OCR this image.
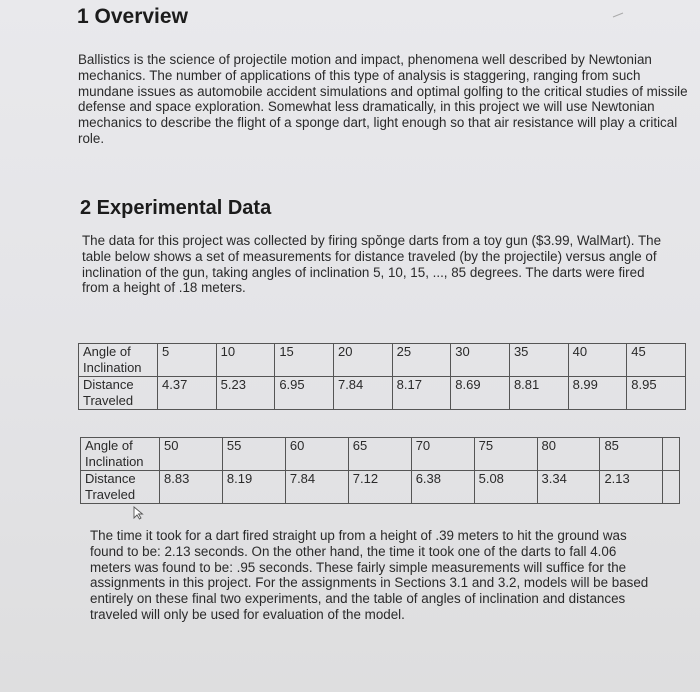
1 Overview

Ballistics is the science of projectile motion and impact, phenomena well described by Newtonian mechanics. The number of applications of this type of analysis is staggering, ranging from such mundane issues as automobile accident simulations and optimal golfing to the critical studies of missile defense and space exploration. Somewhat less dramatically, in this project we will use Newtonian mechanics to describe the flight of a sponge dart, light enough so that air resistance will play a critical role.

2 Experimental Data

The data for this project was collected by firing spŏnge darts from a toy gun ($3.99, WalMart). The table below shows a set of measurements for distance traveled (by the projectile) versus angle of inclination of the gun, taking angles of inclination 5, 10, 15, ..., 85 degrees. The darts were fired from a height of .18 meters.

Angle of Inclination	5	10	15	20	25	30	35	40	45
Distance Traveled	4.37	5.23	6.95	7.84	8.17	8.69	8.81	8.99	8.95
Angle of Inclination	50	55	60	65	70	75	80	85	
Distance Traveled	8.83	8.19	7.84	7.12	6.38	5.08	3.34	2.13	

The time it took for a dart fired straight up from a height of .39 meters to hit the ground was found to be: 2.13 seconds. On the other hand, the time it took one of the darts to fall 4.06 meters was found to be: .95 seconds. These fairly simple measurements will suffice for the assignments in this project. For the assignments in Sections 3.1 and 3.2, models will be based entirely on these final two experiments, and the table of angles of inclination and distances traveled will only be used for evaluation of the model.
